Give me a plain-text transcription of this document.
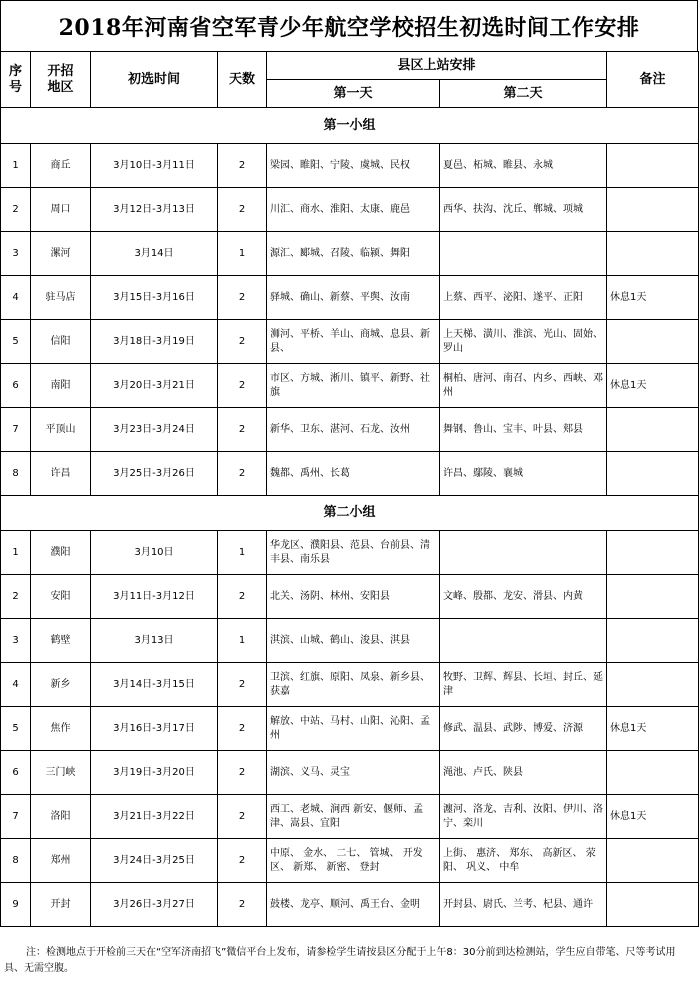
2018年河南省空军青少年航空学校招生初选时间工作安排
序号	开招地区	初选时间	天数	县区上站安排		备注
				第一天	第二天	
第一小组						
1	商丘	3月10日-3月11日	2	梁园、睢阳、宁陵、虞城、民权	夏邑、柘城、睢县、永城	
2	周口	3月12日-3月13日	2	川汇、商水、淮阳、太康、鹿邑	西华、扶沟、沈丘、郸城、项城	
3	漯河	3月14日	1	源汇、郾城、召陵、临颍、舞阳		
4	驻马店	3月15日-3月16日	2	驿城、确山、新蔡、平舆、汝南	上蔡、西平、泌阳、遂平、正阳	休息1天
5	信阳	3月18日-3月19日	2	浉河、平桥、羊山、商城、息县、新县、	上天梯、潢川、淮滨、光山、固始、罗山	
6	南阳	3月20日-3月21日	2	市区、方城、淅川、镇平、新野、社旗	桐柏、唐河、南召、内乡、西峡、邓州	休息1天
7	平顶山	3月23日-3月24日	2	新华、卫东、湛河、石龙、汝州	舞钢、鲁山、宝丰、叶县、郏县	
8	许昌	3月25日-3月26日	2	魏都、禹州、长葛	许昌、鄢陵、襄城	
第二小组						
1	濮阳	3月10日	1	华龙区、濮阳县、范县、台前县、清丰县、南乐县		
2	安阳	3月11日-3月12日	2	北关、汤阴、林州、安阳县	文峰、殷都、龙安、滑县、内黄	
3	鹤壁	3月13日	1	淇滨、山城、鹤山、浚县、淇县		
4	新乡	3月14日-3月15日	2	卫滨、红旗、原阳、凤泉、新乡县、获嘉	牧野、卫辉、辉县、长垣、封丘、延津	
5	焦作	3月16日-3月17日	2	解放、中站、马村、山阳、沁阳、孟州	修武、温县、武陟、博爱、济源	休息1天
6	三门峡	3月19日-3月20日	2	湖滨、义马、灵宝	渑池、卢氏、陕县	
7	洛阳	3月21日-3月22日	2	西工、老城、涧西 新安、偃师、孟津、嵩县、宜阳	瀍河、洛龙、吉利、汝阳、伊川、洛宁、栾川	休息1天
8	郑州	3月24日-3月25日	2	中原、 金水、 二七、 管城、 开发区、 新郑、 新密、 登封	上街、 惠济、 郑东、 高新区、 荥阳、 巩义、 中牟	
9	开封	3月26日-3月27日	2	鼓楼、龙亭、顺河、禹王台、金明	开封县、尉氏、兰考、杞县、通许	
注：检测地点于开检前三天在“空军济南招飞”微信平台上发布，请参检学生请按县区分配于上午8：30分前到达检测站，学生应自带笔、尺等考试用具、无需空腹。
